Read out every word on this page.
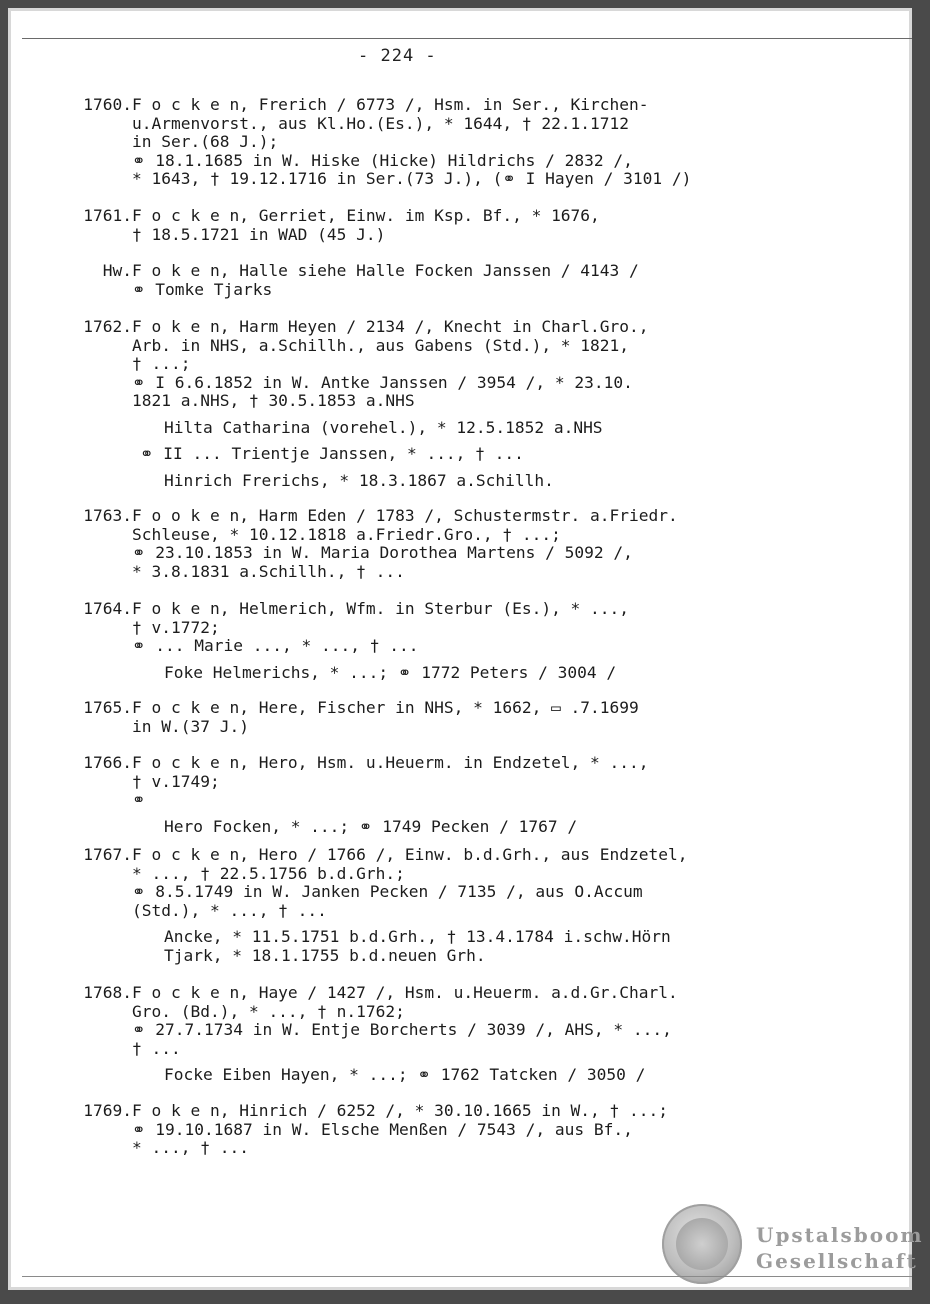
- 224 -
1760. F o c k e n, Frerich / 6773 /, Hsm. in Ser., Kirchen-
u.Armenvorst., aus Kl.Ho.(Es.), * 1644, † 22.1.1712
in Ser.(68 J.);
⚭ 18.1.1685 in W. Hiske (Hicke) Hildrichs / 2832 /,
* 1643, † 19.12.1716 in Ser.(73 J.), (⚭ I Hayen / 3101 /)
1761. F o c k e n, Gerriet, Einw. im Ksp. Bf., * 1676,
† 18.5.1721 in WAD (45 J.)
Hw. F o k e n, Halle siehe Halle Focken Janssen / 4143 /
⚭ Tomke Tjarks
1762. F o k e n, Harm Heyen / 2134 /, Knecht in Charl.Gro.,
Arb. in NHS, a.Schillh., aus Gabens (Std.), * 1821,
† ...;
⚭ I 6.6.1852 in W. Antke Janssen / 3954 /, * 23.10.
1821 a.NHS, † 30.5.1853 a.NHS
Hilta Catharina (vorehel.), * 12.5.1852 a.NHS
⚭ II ... Trientje Janssen, * ..., † ...
Hinrich Frerichs, * 18.3.1867 a.Schillh.
1763. F o o k e n, Harm Eden / 1783 /, Schustermstr. a.Friedr.
Schleuse, * 10.12.1818 a.Friedr.Gro., † ...;
⚭ 23.10.1853 in W. Maria Dorothea Martens / 5092 /,
* 3.8.1831 a.Schillh., † ...
1764. F o k e n, Helmerich, Wfm. in Sterbur (Es.), * ...,
† v.1772;
⚭ ... Marie ..., * ..., † ...
Foke Helmerichs, * ...; ⚭ 1772 Peters / 3004 /
1765. F o c k e n, Here, Fischer in NHS, * 1662, ▭ .7.1699
in W.(37 J.)
1766. F o c k e n, Hero, Hsm. u.Heuerm. in Endzetel, * ...,
† v.1749;
⚭
Hero Focken, * ...; ⚭ 1749 Pecken / 1767 /
1767. F o c k e n, Hero / 1766 /, Einw. b.d.Grh., aus Endzetel,
* ..., † 22.5.1756 b.d.Grh.;
⚭ 8.5.1749 in W. Janken Pecken / 7135 /, aus O.Accum
(Std.), * ..., † ...
Ancke, * 11.5.1751 b.d.Grh., † 13.4.1784 i.schw.Hörn
Tjark, * 18.1.1755 b.d.neuen Grh.
1768. F o c k e n, Haye / 1427 /, Hsm. u.Heuerm. a.d.Gr.Charl.
Gro. (Bd.), * ..., † n.1762;
⚭ 27.7.1734 in W. Entje Borcherts / 3039 /, AHS, * ...,
† ...
Focke Eiben Hayen, * ...; ⚭ 1762 Tatcken / 3050 /
1769. F o k e n, Hinrich / 6252 /, * 30.10.1665 in W., † ...;
⚭ 19.10.1687 in W. Elsche Menßen / 7543 /, aus Bf.,
* ..., † ...
Upstalsboom
Gesellschaft
